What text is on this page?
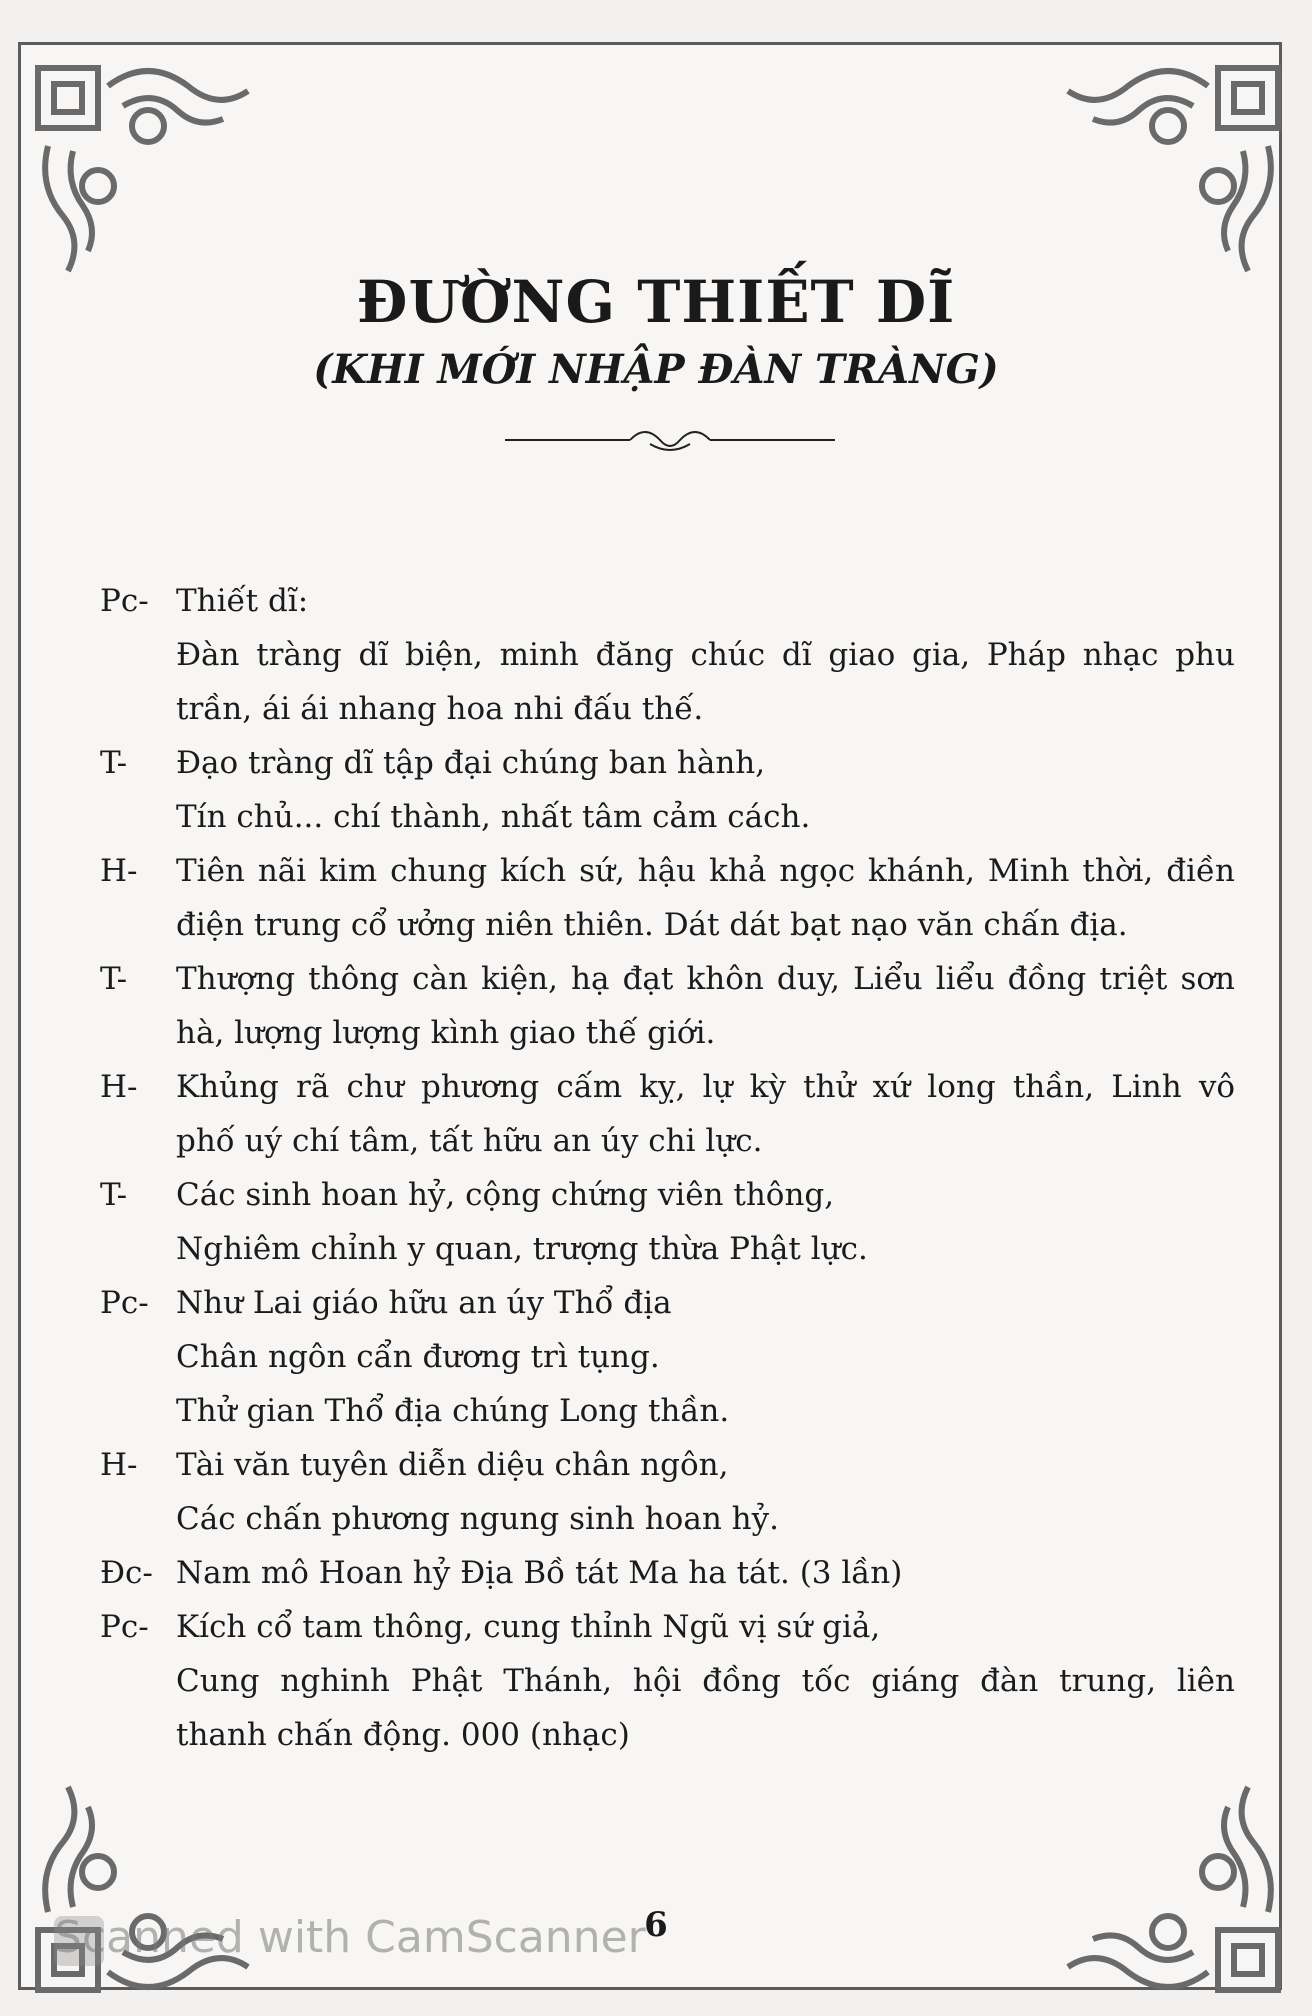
ĐƯỜNG THIẾT DĨ
(KHI MỚI NHẬP ĐÀN TRÀNG)
Pc- Thiết dĩ:
Đàn tràng dĩ biện, minh đăng chúc dĩ giao gia, Pháp nhạc phu
trần, ái ái nhang hoa nhi đấu thế.
T-	Đạo tràng dĩ tập đại chúng ban hành,
Tín chủ... chí thành, nhất tâm cảm cách.
H-	Tiên nãi kim chung kích sứ, hậu khả ngọc khánh, Minh thời, điền
điện trung cổ ưởng niên thiên. Dát dát bạt nạo văn chấn địa.
T-	Thượng thông càn kiện, hạ đạt khôn duy, Liểu liểu đồng triệt sơn
hà, lượng lượng kình giao thế giới.
H-	Khủng rã chư phương cấm kỵ, lự kỳ thử xứ long thần, Linh vô
phố uý chí tâm, tất hữu an úy chi lực.
T-	Các sinh hoan hỷ, cộng chứng viên thông,
Nghiêm chỉnh y quan, trượng thừa Phật lực.
Pc- Như Lai giáo hữu an úy Thổ địa
Chân ngôn cẩn đương trì tụng.
Thử gian Thổ địa chúng Long thần.
H-	Tài văn tuyên diễn diệu chân ngôn,
Các chấn phương ngung sinh hoan hỷ.
Đc- Nam mô Hoan hỷ Địa Bồ tát Ma ha tát. (3 lần)
Pc- Kích cổ tam thông, cung thỉnh Ngũ vị sứ giả,
Cung nghinh Phật Thánh, hội đồng tốc giáng đàn trung, liên
thanh chấn động. 000 (nhạc)
Scanned with CamScanner
6
